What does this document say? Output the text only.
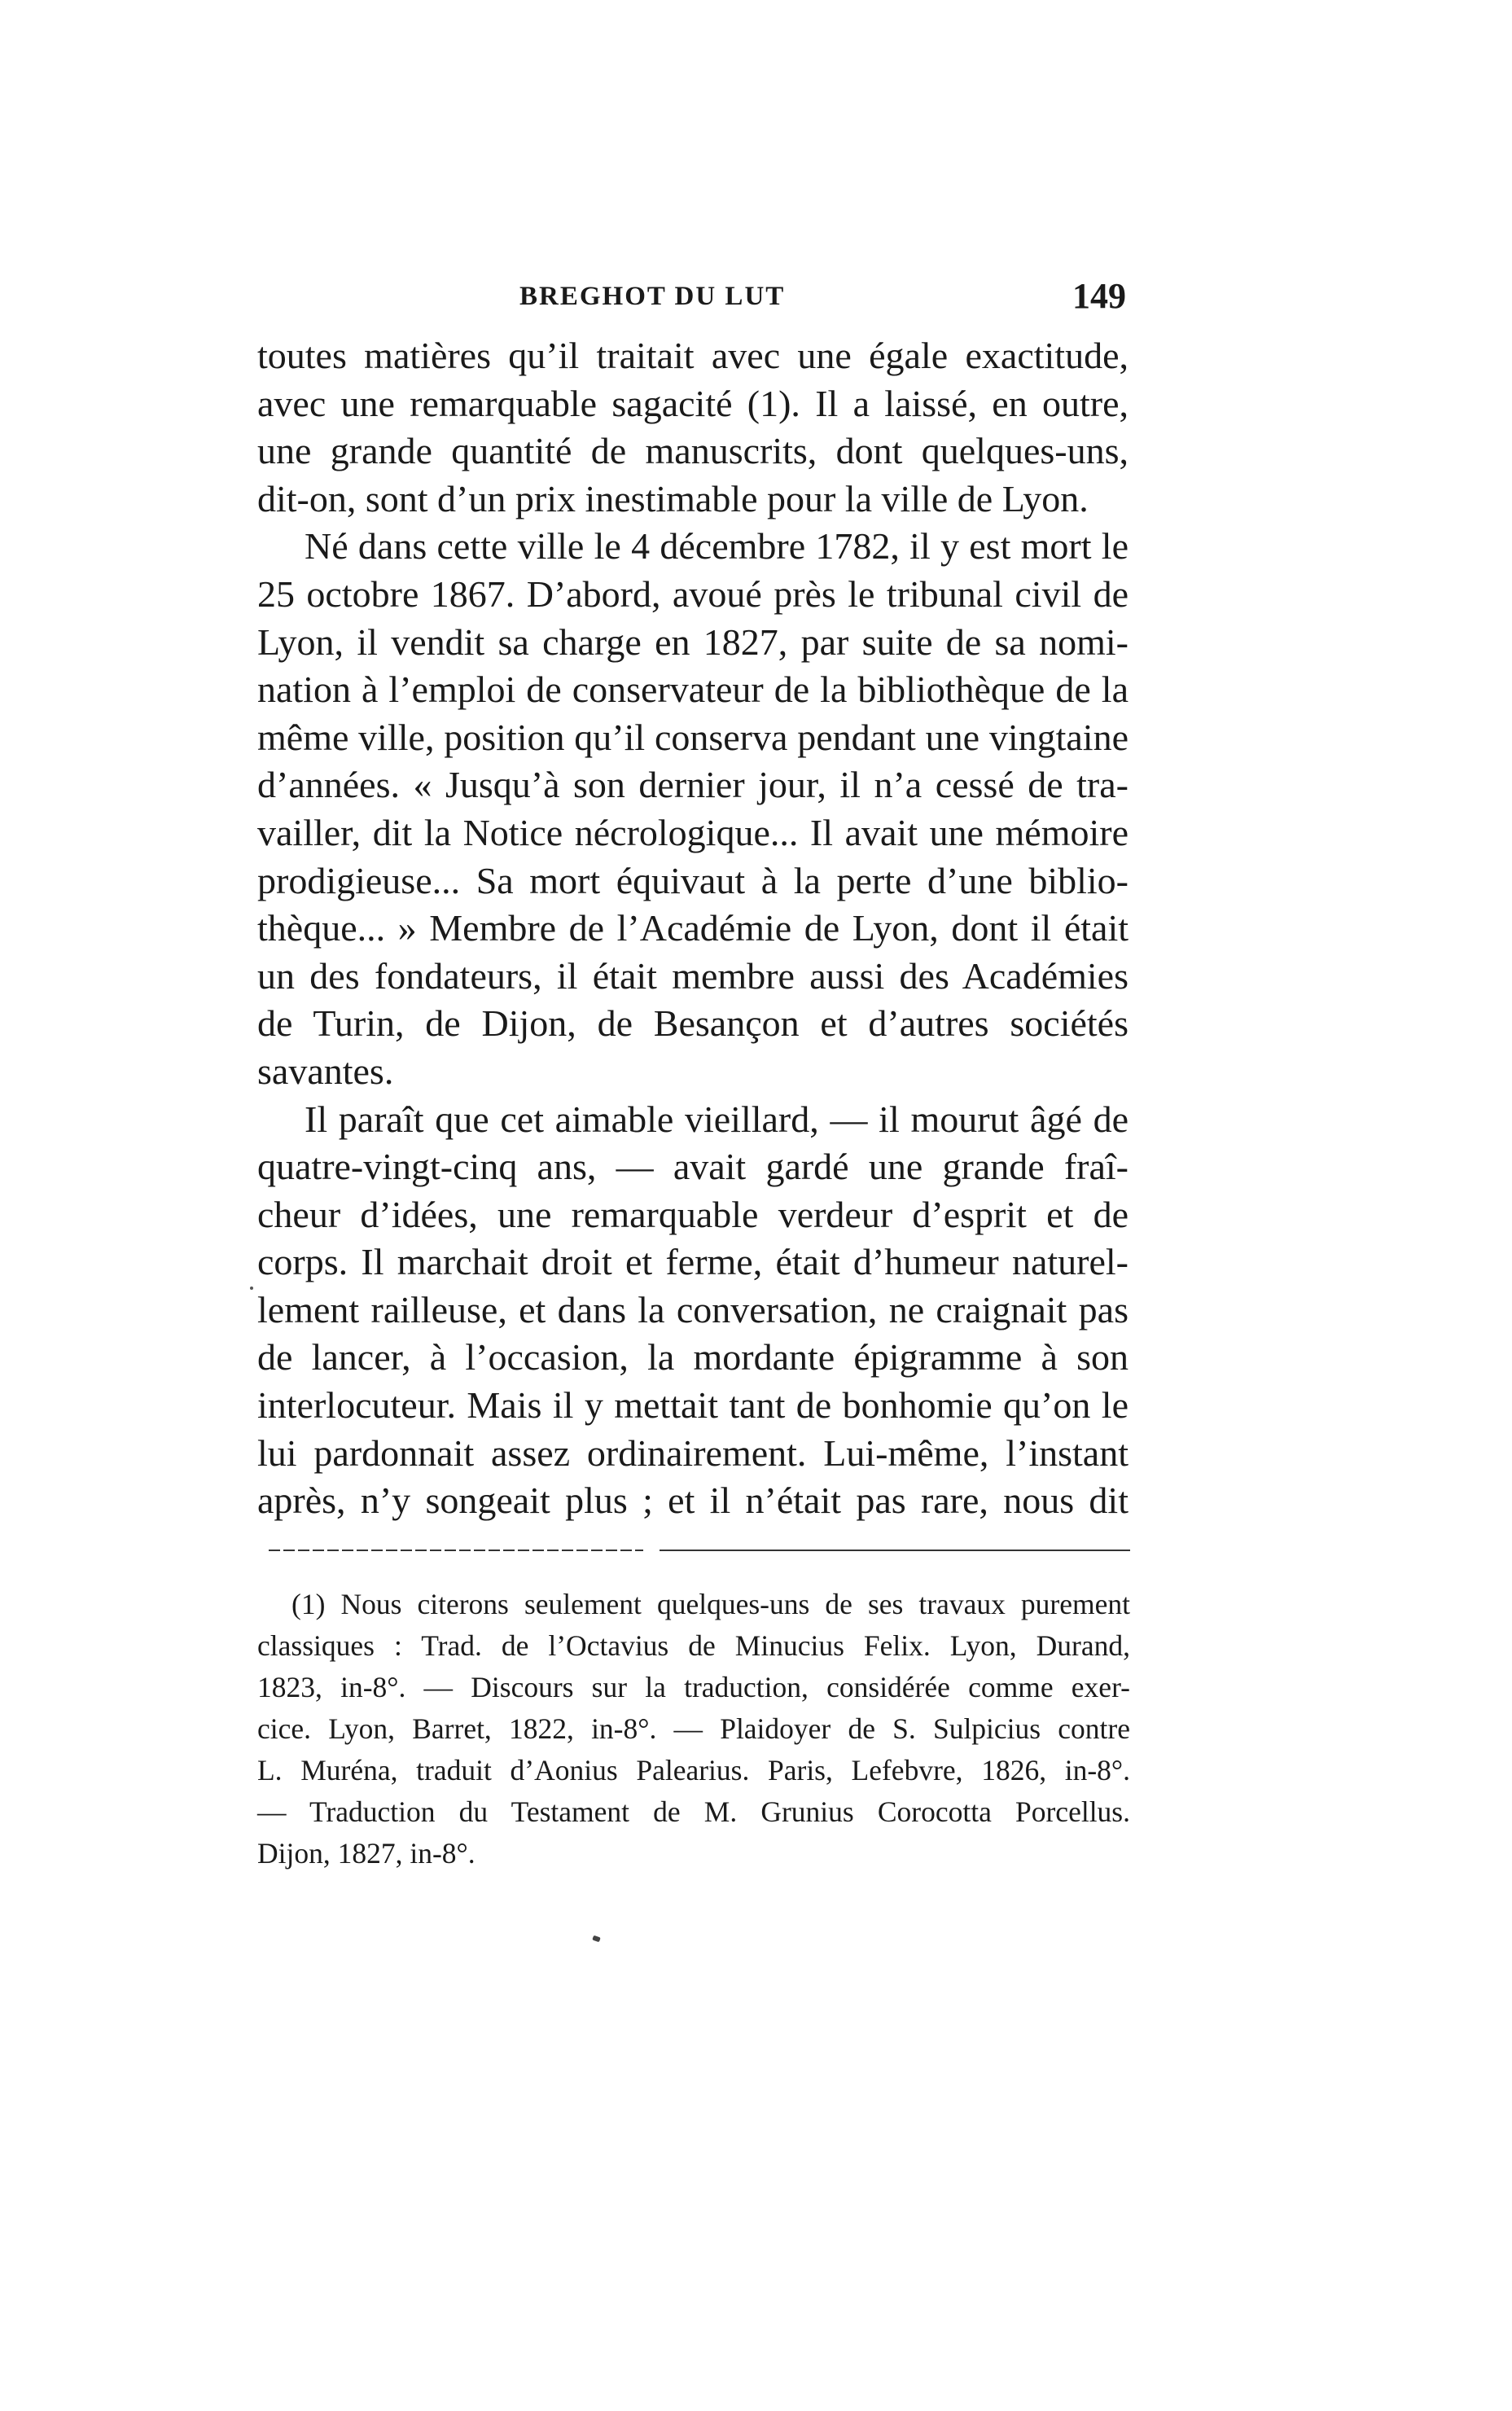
BREGHOT DU LUT	149
toutes matières qu’il traitait avec une égale exactitude,
avec une remarquable sagacité (1). Il a laissé, en outre,
une grande quantité de manuscrits, dont quelques-uns,
dit-on, sont d’un prix inestimable pour la ville de Lyon.
Né dans cette ville le 4 décembre 1782, il y est mort le
25 octobre 1867. D’abord, avoué près le tribunal civil de
Lyon, il vendit sa charge en 1827, par suite de sa nomi-
nation à l’emploi de conservateur de la bibliothèque de la
même ville, position qu’il conserva pendant une vingtaine
d’années. « Jusqu’à son dernier jour, il n’a cessé de tra-
vailler, dit la Notice nécrologique... Il avait une mémoire
prodigieuse... Sa mort équivaut à la perte d’une biblio-
thèque... » Membre de l’Académie de Lyon, dont il était
un des fondateurs, il était membre aussi des Académies
de Turin, de Dijon, de Besançon et d’autres sociétés
savantes.
Il paraît que cet aimable vieillard, — il mourut âgé de
quatre-vingt-cinq ans, — avait gardé une grande fraî-
cheur d’idées, une remarquable verdeur d’esprit et de
corps. Il marchait droit et ferme, était d’humeur naturel-
lement railleuse, et dans la conversation, ne craignait pas
de lancer, à l’occasion, la mordante épigramme à son
interlocuteur. Mais il y mettait tant de bonhomie qu’on le
lui pardonnait assez ordinairement. Lui-même, l’instant
après, n’y songeait plus ; et il n’était pas rare, nous dit
(1) Nous citerons seulement quelques-uns de ses travaux purement
classiques : Trad. de l’Octavius de Minucius Felix. Lyon, Durand,
1823, in-8°. — Discours sur la traduction, considérée comme exer-
cice. Lyon, Barret, 1822, in-8°. — Plaidoyer de S. Sulpicius contre
L. Muréna, traduit d’Aonius Palearius. Paris, Lefebvre, 1826, in-8°.
— Traduction du Testament de M. Grunius Corocotta Porcellus.
Dijon, 1827, in-8°.
